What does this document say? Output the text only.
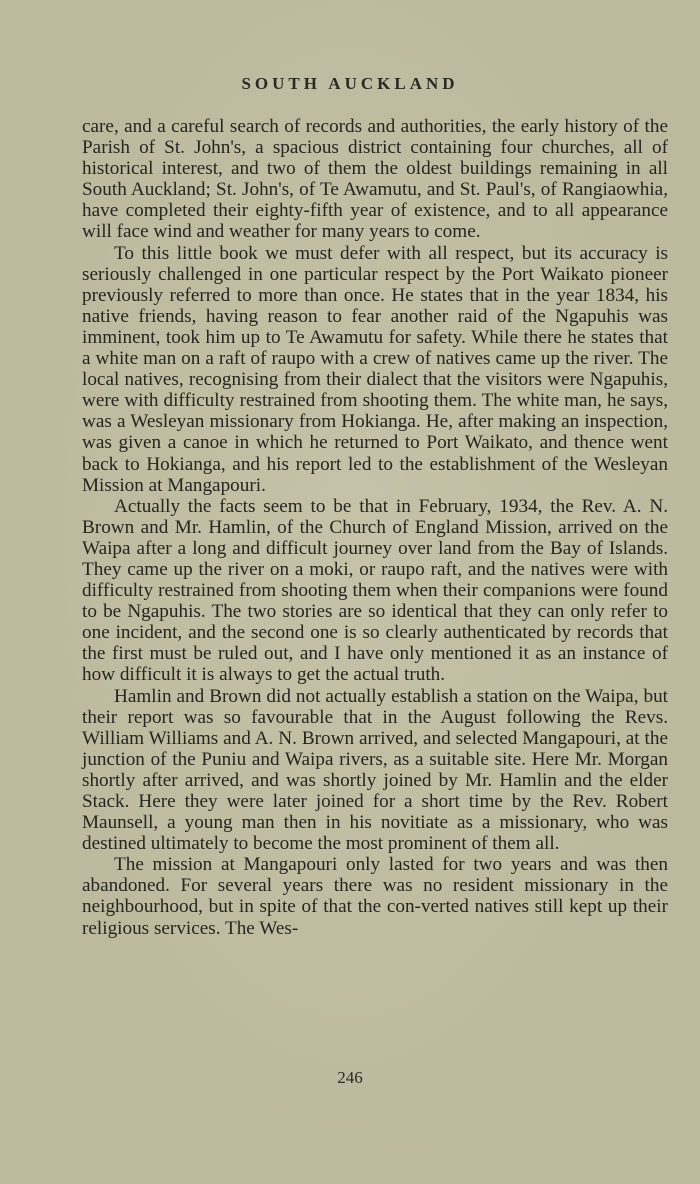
SOUTH AUCKLAND

care, and a careful search of records and authorities, the early history of the Parish of St. John's, a spacious district containing four churches, all of historical interest, and two of them the oldest buildings remaining in all South Auckland; St. John's, of Te Awamutu, and St. Paul's, of Rangiaowhia, have completed their eighty-fifth year of existence, and to all appearance will face wind and weather for many years to come.

To this little book we must defer with all respect, but its accuracy is seriously challenged in one particular respect by the Port Waikato pioneer previously referred to more than once. He states that in the year 1834, his native friends, having reason to fear another raid of the Ngapuhis was imminent, took him up to Te Awamutu for safety. While there he states that a white man on a raft of raupo with a crew of natives came up the river. The local natives, recognising from their dialect that the visitors were Ngapuhis, were with difficulty restrained from shooting them. The white man, he says, was a Wesleyan missionary from Hokianga. He, after making an inspection, was given a canoe in which he returned to Port Waikato, and thence went back to Hokianga, and his report led to the establishment of the Wesleyan Mission at Mangapouri.

Actually the facts seem to be that in February, 1934, the Rev. A. N. Brown and Mr. Hamlin, of the Church of England Mission, arrived on the Waipa after a long and difficult journey over land from the Bay of Islands. They came up the river on a moki, or raupo raft, and the natives were with difficulty restrained from shooting them when their companions were found to be Ngapuhis. The two stories are so identical that they can only refer to one incident, and the second one is so clearly authenticated by records that the first must be ruled out, and I have only mentioned it as an instance of how difficult it is always to get the actual truth.

Hamlin and Brown did not actually establish a station on the Waipa, but their report was so favourable that in the August following the Revs. William Williams and A. N. Brown arrived, and selected Mangapouri, at the junction of the Puniu and Waipa rivers, as a suitable site. Here Mr. Morgan shortly after arrived, and was shortly joined by Mr. Hamlin and the elder Stack. Here they were later joined for a short time by the Rev. Robert Maunsell, a young man then in his novitiate as a missionary, who was destined ultimately to become the most prominent of them all.

The mission at Mangapouri only lasted for two years and was then abandoned. For several years there was no resident missionary in the neighbourhood, but in spite of that the con-verted natives still kept up their religious services. The Wes-

246
